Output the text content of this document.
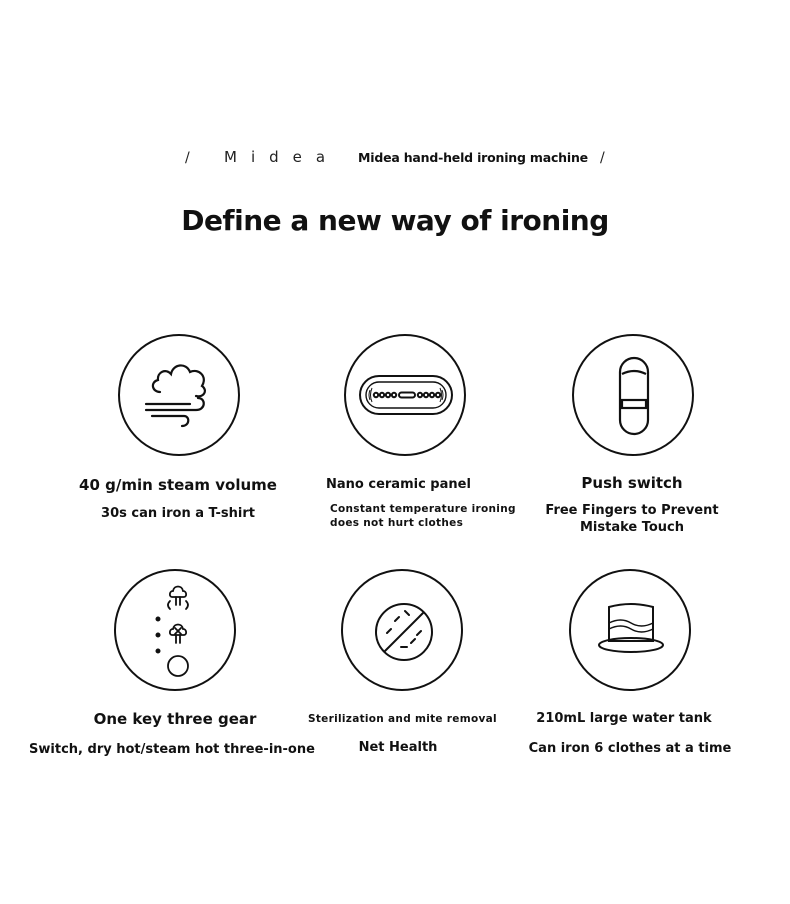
/ Midea Midea hand-held ironing machine /
Define a new way of ironing
40 g/min steam volume
30s can iron a T-shirt
Nano ceramic panel
Constant temperature ironing does not hurt clothes
Push switch
Free Fingers to Prevent Mistake Touch
One key three gear
Switch, dry hot/steam hot three-in-one
Sterilization and mite removal
Net Health
210mL large water tank
Can iron 6 clothes at a time
